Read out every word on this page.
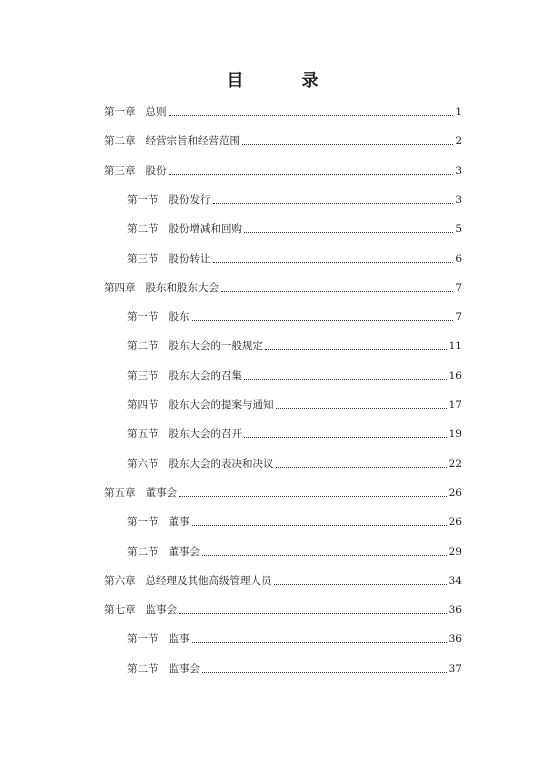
目 录
第一章 总则	1
第二章 经营宗旨和经营范围	2
第三章 股份	3
第一节 股份发行	3
第二节 股份增减和回购	5
第三节 股份转让	6
第四章 股东和股东大会	7
第一节 股东	7
第二节 股东大会的一般规定	11
第三节 股东大会的召集	16
第四节 股东大会的提案与通知	17
第五节 股东大会的召开	19
第六节 股东大会的表决和决议	22
第五章 董事会	26
第一节 董事	26
第二节 董事会	29
第六章 总经理及其他高级管理人员	34
第七章 监事会	36
第一节 监事	36
第二节 监事会	37
